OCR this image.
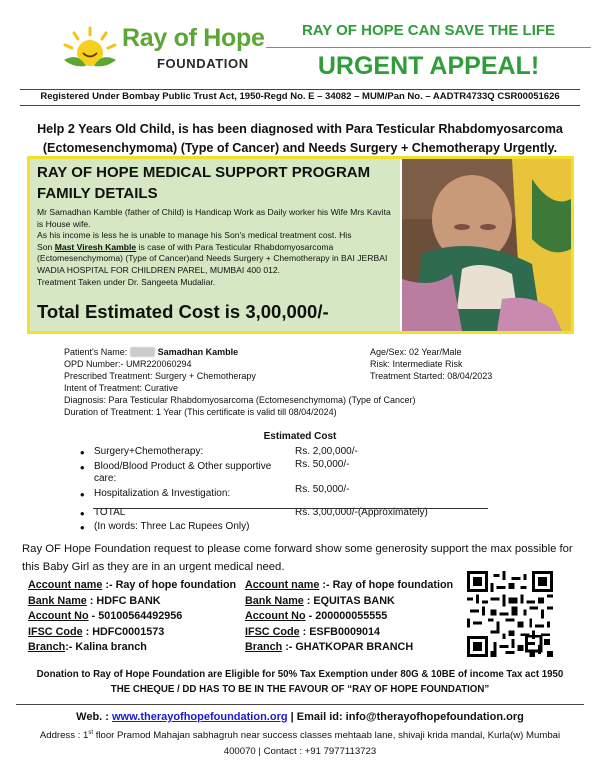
Ray of Hope
FOUNDATION
RAY OF HOPE CAN SAVE THE LIFE
URGENT APPEAL!
Registered Under Bombay Public Trust Act, 1950-Regd No. E – 34082 – MUM/Pan No. – AADTR4733Q CSR00051626
Help 2 Years Old Child, is has been diagnosed with Para Testicular Rhabdomyosarcoma (Ectomesenchymoma) (Type of Cancer) and Needs Surgery + Chemotherapy Urgently.
RAY OF HOPE MEDICAL SUPPORT PROGRAM
FAMILY DETAILS

Mr Samadhan Kamble (father of Child) is Handicap Work as Daily worker his Wife Mrs Kavita is House wife.

As his income is less he is unable to manage his Son's medical treatment cost. His

Son Mast Viresh Kamble is case of with Para Testicular Rhabdomyosarcoma (Ectomesenchymoma) (Type of Cancer)and Needs Surgery + Chemotherapy in BAI JERBAI WADIA HOSPITAL FOR CHILDREN PAREL, MUMBAI 400 012.

Treatment Taken under Dr. Sangeeta Mudaliar.

Total Estimated Cost is 3,00,000/-
Patient's Name:	Samadhan Kamble	Age/Sex: 02 Year/Male
OPD Number:- UMR220060294	Risk: Intermediate Risk
Prescribed Treatment: Surgery + Chemotherapy	Treatment Started: 08/04/2023
Intent of Treatment: Curative
Diagnosis: Para Testicular Rhabdomyosarcoma (Ectomesenchymoma) (Type of Cancer)
Duration of Treatment: 1 Year (This certificate is valid till 08/04/2024)
Estimated Cost
• Surgery+Chemotherapy:	Rs. 2,00,000/-
• Blood/Blood Product & Other supportive care:
Rs. 50,000/-
• Hospitalization & Investigation:	Rs. 50,000/-
• TOTAL	Rs. 3,00,000/-(Approximately)
• (In words: Three Lac Rupees Only)
Ray OF Hope Foundation request to please come forward show some generosity support the max possible for this Baby Girl as they are in an urgent medical need.
Account name :- Ray of hope foundation
Bank Name : HDFC BANK
Account No - 50100564492956
IFSC Code : HDFC0001573
Branch:- Kalina branch
Account name :- Ray of hope foundation
Bank Name : EQUITAS BANK
Account No - 200000055555
IFSC Code : ESFB0009014
Branch :- GHATKOPAR BRANCH
Donation to Ray of Hope Foundation are Eligible for 50% Tax Exemption under 80G & 10BE of income Tax act 1950
THE CHEQUE / DD HAS TO BE IN THE FAVOUR OF “RAY OF HOPE FOUNDATION”
Web. : www.therayofhopefoundation.org | Email id: info@therayofhopefoundation.org
Address : 1st floor Pramod Mahajan sabhagruh near success classes mehtaab lane, shivaji krida mandal, Kurla(w) Mumbai 400070 | Contact : +91 7977113723
